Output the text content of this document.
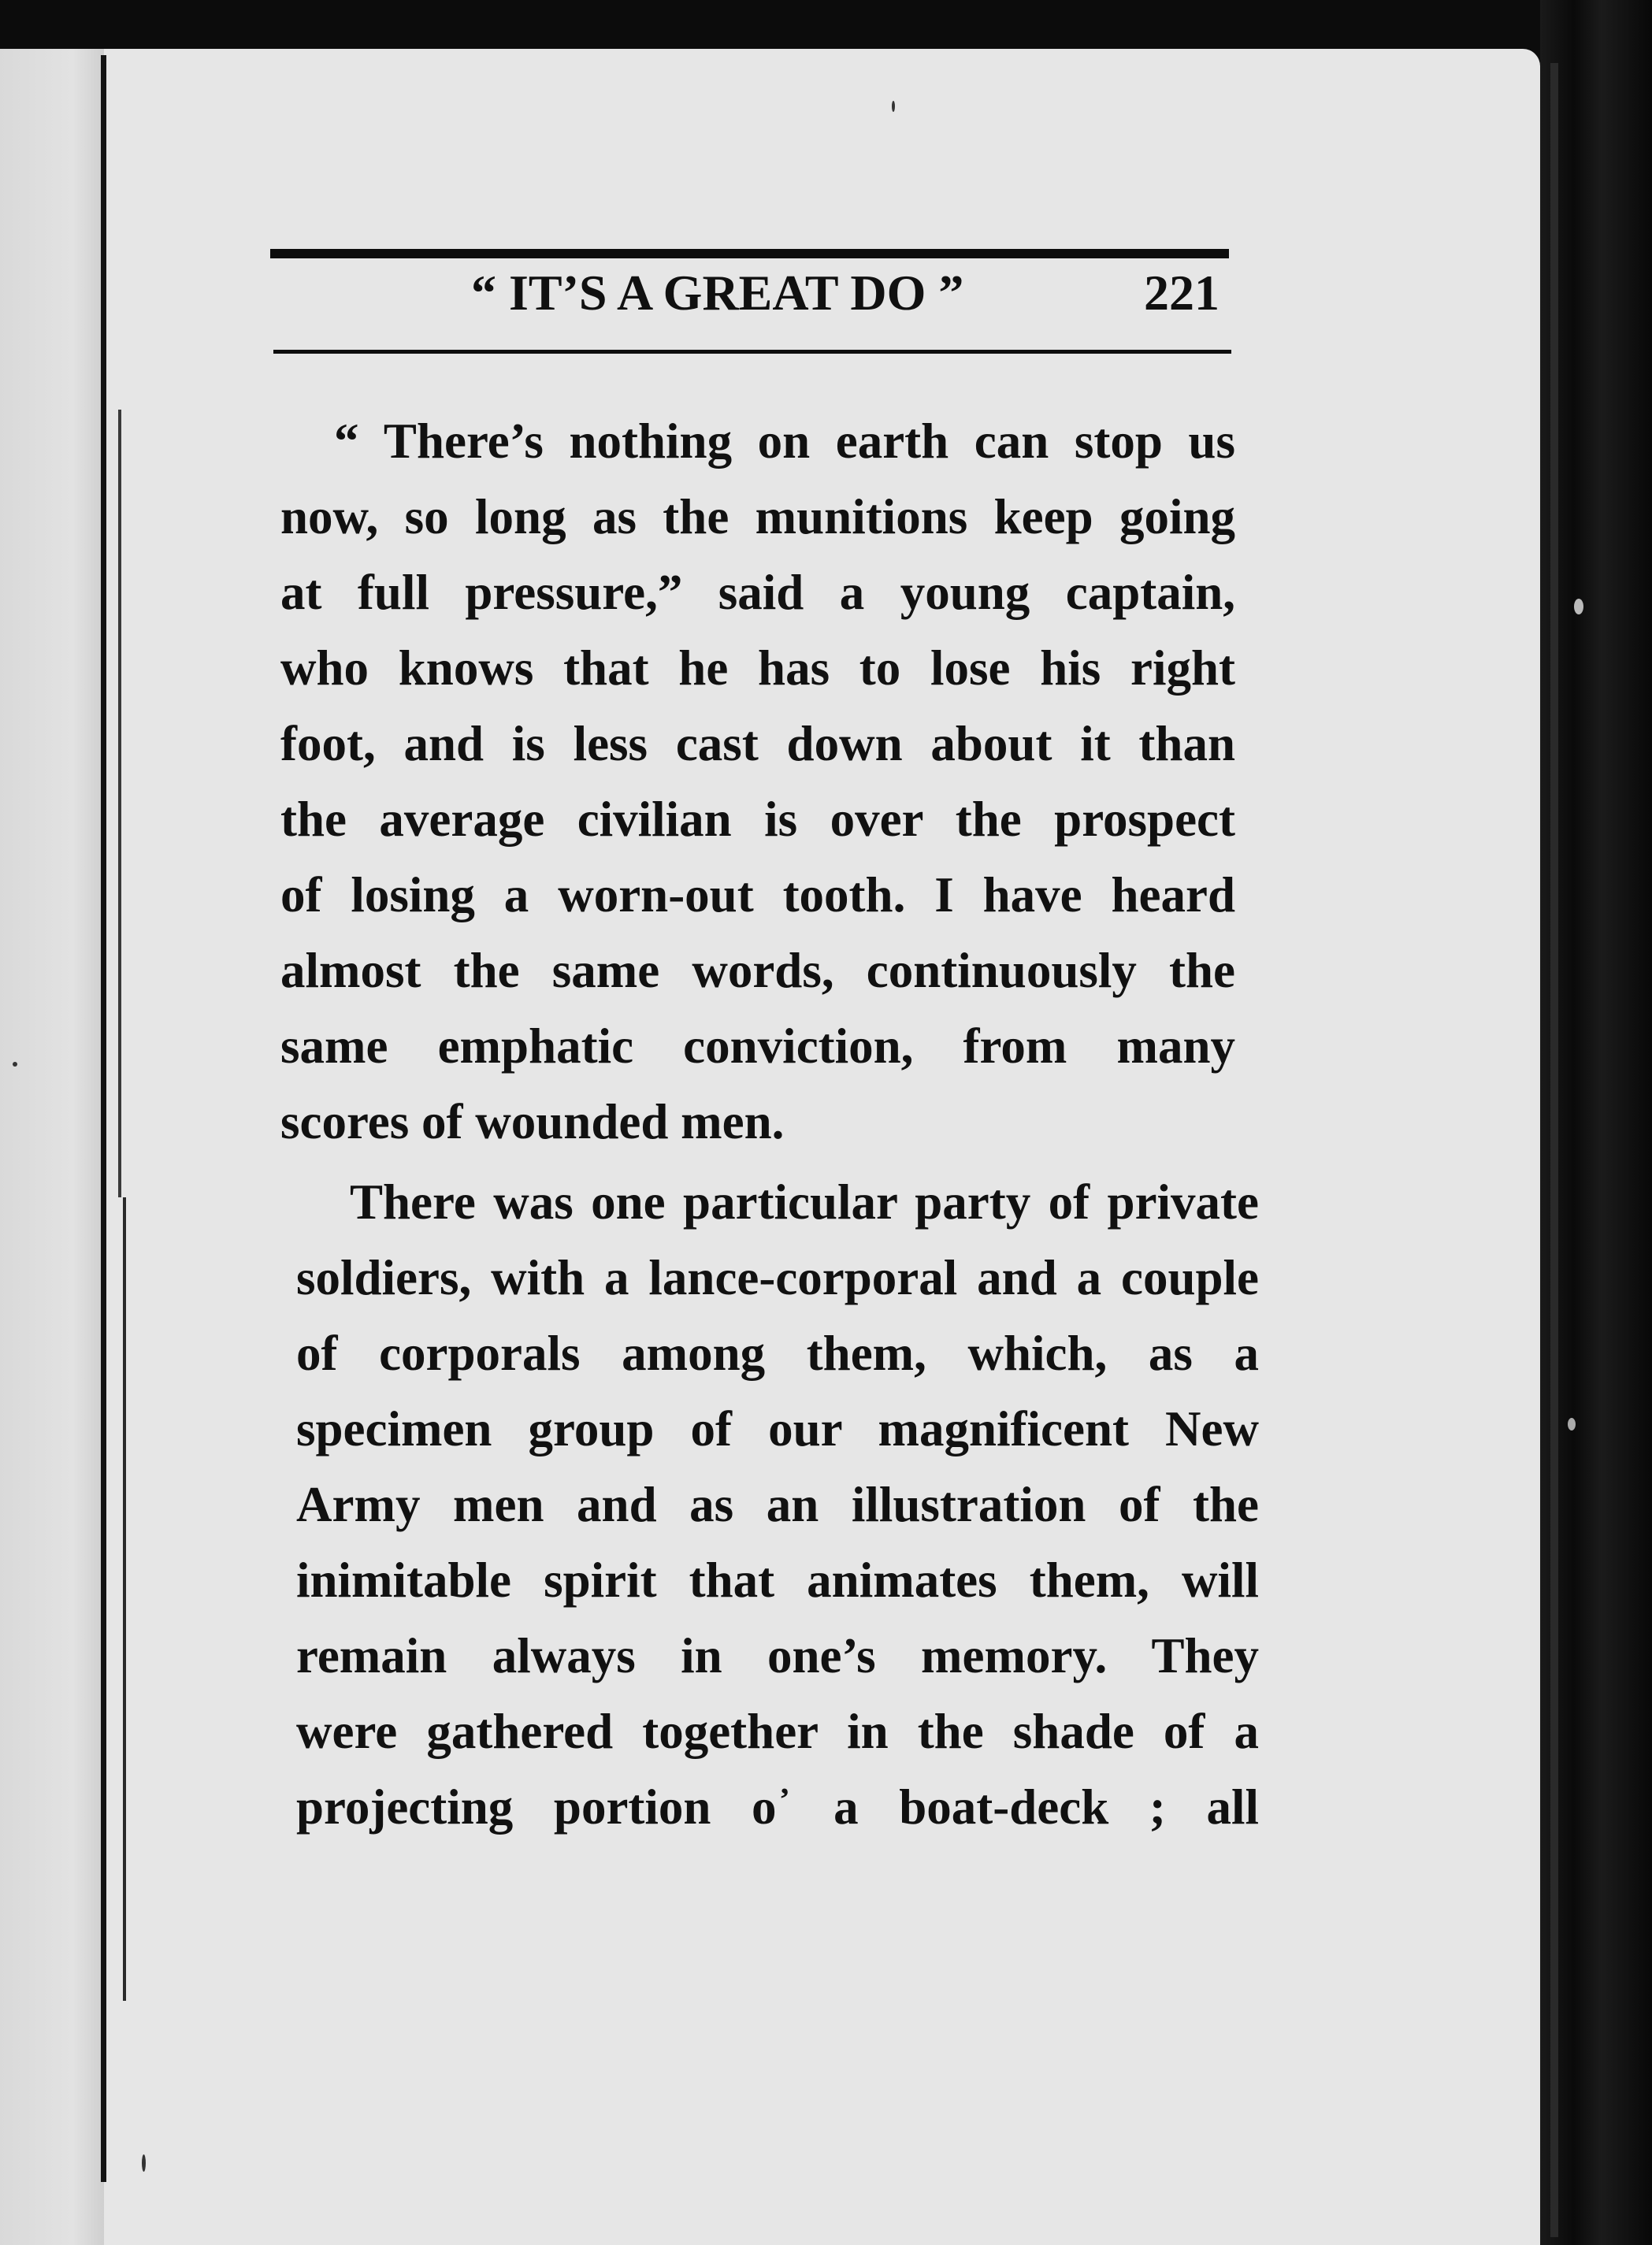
“ IT’S A GREAT DO ”	221
“ There’s nothing on earth can stop us
now, so long as the munitions keep going
at full pressure,” said a young captain,
who knows that he has to lose his right
foot, and is less cast down about it than
the average civilian is over the prospect
of losing a worn-out tooth. I have heard
almost the same words, continuously the
same emphatic conviction, from many
scores of wounded men.
There was one particular party of private
soldiers, with a lance-corporal and a couple
of corporals among them, which, as a
specimen group of our magnificent New
Army men and as an illustration of the
inimitable spirit that animates them, will
remain always in one’s memory. They
were gathered together in the shade of a
projecting portion o᾿ a boat-deck ; all
